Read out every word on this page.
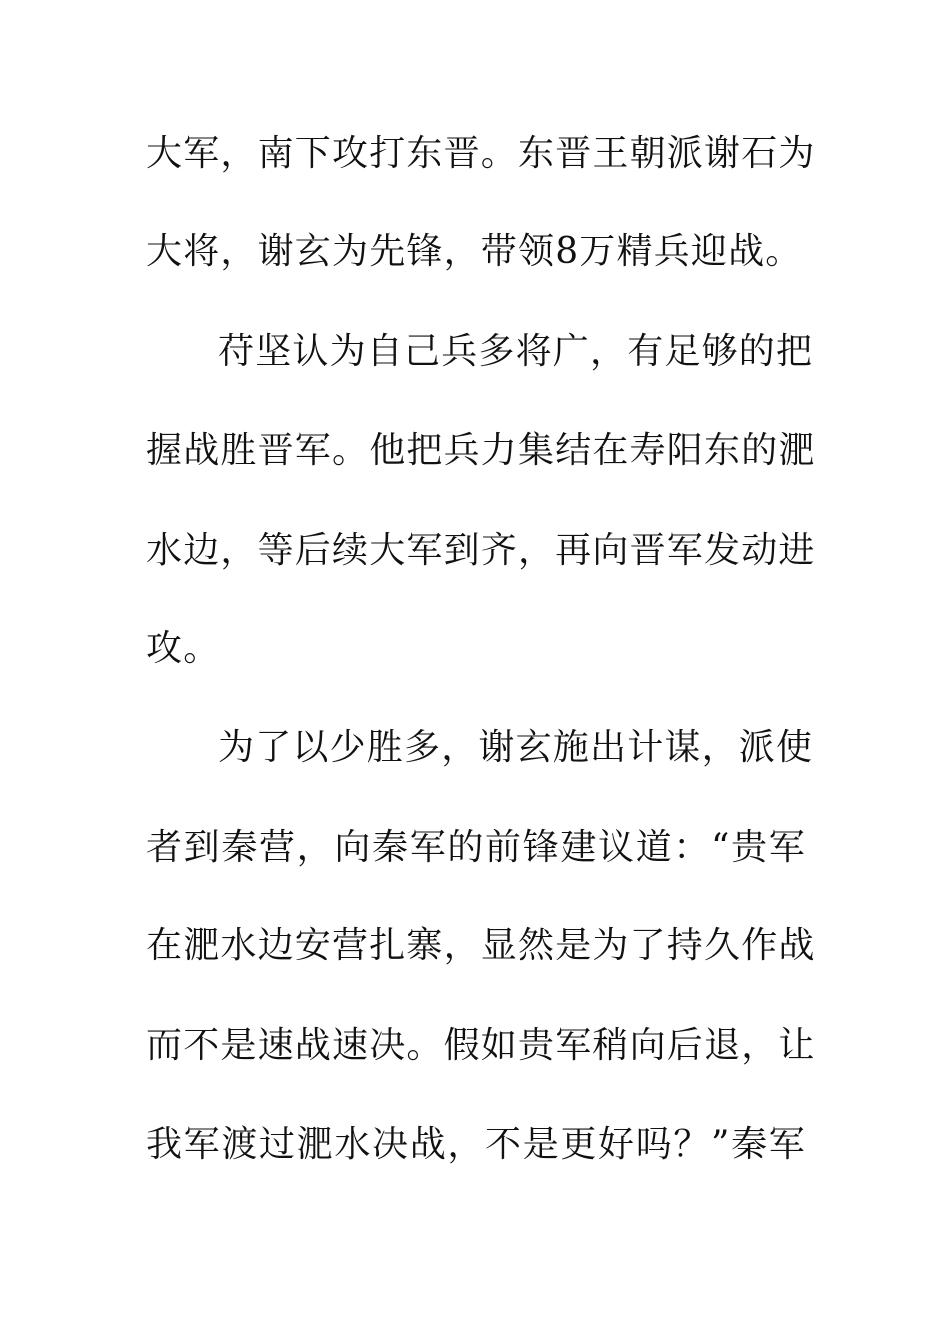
大军，南下攻打东晋。东晋王朝派谢石为
大将，谢玄为先锋，带领8万精兵迎战。
苻坚认为自己兵多将广，有足够的把
握战胜晋军。他把兵力集结在寿阳东的淝
水边，等后续大军到齐，再向晋军发动进
攻。
为了以少胜多，谢玄施出计谋，派使
者到秦营，向秦军的前锋建议道：“贵军
在淝水边安营扎寨，显然是为了持久作战
而不是速战速决。假如贵军稍向后退，让
我军渡过淝水决战，不是更好吗？”秦军
